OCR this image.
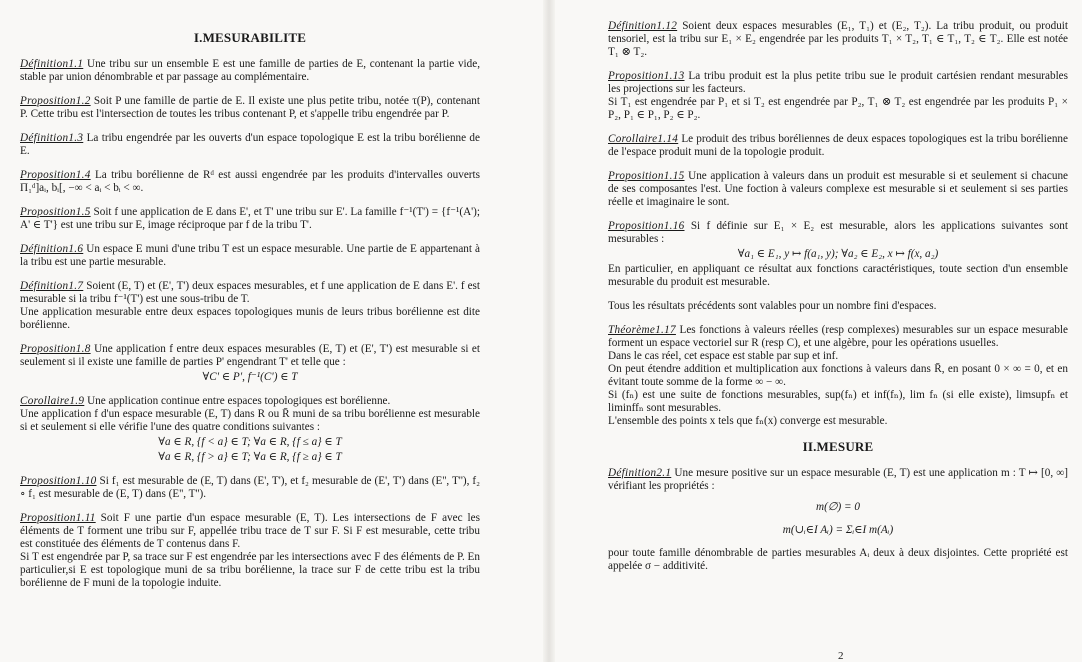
I.MESURABILITE

Définition1.1 Une tribu sur un ensemble E est une famille de parties de E, contenant la partie vide, stable par union dénombrable et par passage au complémentaire.

Proposition1.2 Soit P une famille de partie de E. Il existe une plus petite tribu, notée τ(P), contenant P. Cette tribu est l'intersection de toutes les tribus contenant P, et s'appelle tribu engendrée par P.

Définition1.3 La tribu engendrée par les ouverts d'un espace topologique E est la tribu borélienne de E.

Proposition1.4 La tribu borélienne de Rᵈ est aussi engendrée par les produits d'intervalles ouverts Π₁ᵈ]aᵢ, bᵢ[, −∞ < aᵢ < bᵢ < ∞.

Proposition1.5 Soit f une application de E dans E', et T' une tribu sur E'. La famille f⁻¹(T') = {f⁻¹(A'); A' ∈ T'} est une tribu sur E, image réciproque par f de la tribu T'.

Définition1.6 Un espace E muni d'une tribu T est un espace mesurable. Une partie de E appartenant à la tribu est une partie mesurable.

Définition1.7 Soient (E, T) et (E', T') deux espaces mesurables, et f une application de E dans E'. f est mesurable si la tribu f⁻¹(T') est une sous-tribu de T.

Une application mesurable entre deux espaces topologiques munis de leurs tribus borélienne est dite borélienne.

Proposition1.8 Une application f entre deux espaces mesurables (E, T) et (E', T') est mesurable si et seulement si il existe une famille de parties P' engendrant T' et telle que :

∀C' ∈ P', f⁻¹(C') ∈ T

Corollaire1.9 Une application continue entre espaces topologiques est borélienne.

Une application f d'un espace mesurable (E, T) dans R ou R̄ muni de sa tribu borélienne est mesurable si et seulement si elle vérifie l'une des quatre conditions suivantes :

∀a ∈ R, {f < a} ∈ T; ∀a ∈ R, {f ≤ a} ∈ T
∀a ∈ R, {f > a} ∈ T; ∀a ∈ R, {f ≥ a} ∈ T

Proposition1.10 Si f₁ est mesurable de (E, T) dans (E', T'), et f₂ mesurable de (E', T') dans (E'', T''), f₂ ∘ f₁ est mesurable de (E, T) dans (E'', T'').

Proposition1.11 Soit F une partie d'un espace mesurable (E, T). Les intersections de F avec les éléments de T forment une tribu sur F, appellée tribu trace de T sur F. Si F est mesurable, cette tribu est constituée des éléments de T contenus dans F.

Si T est engendrée par P, sa trace sur F est engendrée par les intersections avec F des éléments de P. En particulier,si E est topologique muni de sa tribu borélienne, la trace sur F de cette tribu est la tribu borélienne de F muni de la topologie induite.

Définition1.12 Soient deux espaces mesurables (E₁, T₁) et (E₂, T₂). La tribu produit, ou produit tensoriel, est la tribu sur E₁ × E₂ engendrée par les produits T₁ × T₂, T₁ ∈ T₁, T₂ ∈ T₂. Elle est notée T₁ ⊗ T₂.

Proposition1.13 La tribu produit est la plus petite tribu sue le produit cartésien rendant mesurables les projections sur les facteurs.

Si T₁ est engendrée par P₁ et si T₂ est engendrée par P₂, T₁ ⊗ T₂ est engendrée par les produits P₁ × P₂, P₁ ∈ P₁, P₂ ∈ P₂.

Corollaire1.14 Le produit des tribus boréliennes de deux espaces topologiques est la tribu borélienne de l'espace produit muni de la topologie produit.

Proposition1.15 Une application à valeurs dans un produit est mesurable si et seulement si chacune de ses composantes l'est. Une foction à valeurs complexe est mesurable si et seulement si ses parties réelle et imaginaire le sont.

Proposition1.16 Si f définie sur E₁ × E₂ est mesurable, alors les applications suivantes sont mesurables :

∀a₁ ∈ E₁, y ↦ f(a₁, y); ∀a₂ ∈ E₂, x ↦ f(x, a₂)

En particulier, en appliquant ce résultat aux fonctions caractéristiques, toute section d'un ensemble mesurable du produit est mesurable.

Tous les résultats précédents sont valables pour un nombre fini d'espaces.

Théorème1.17 Les fonctions à valeurs réelles (resp complexes) mesurables sur un espace mesurable forment un espace vectoriel sur R (resp C), et une algèbre, pour les opérations usuelles.

Dans le cas réel, cet espace est stable par sup et inf.

On peut étendre addition et multiplication aux fonctions à valeurs dans R̄, en posant 0 × ∞ = 0, et en évitant toute somme de la forme ∞ − ∞.

Si (fₙ) est une suite de fonctions mesurables, sup(fₙ) et inf(fₙ), lim fₙ (si elle existe), limsupfₙ et liminffₙ sont mesurables.

L'ensemble des points x tels que fₙ(x) converge est mesurable.

II.MESURE

Définition2.1 Une mesure positive sur un espace mesurable (E, T) est une application m : T ↦ [0, ∞] vérifiant les propriétés :

m(∅) = 0
m(∪ᵢ∈I Aᵢ) = Σᵢ∈I m(Aᵢ)

pour toute famille dénombrable de parties mesurables Aᵢ deux à deux disjointes. Cette propriété est appelée σ − additivité.

2
